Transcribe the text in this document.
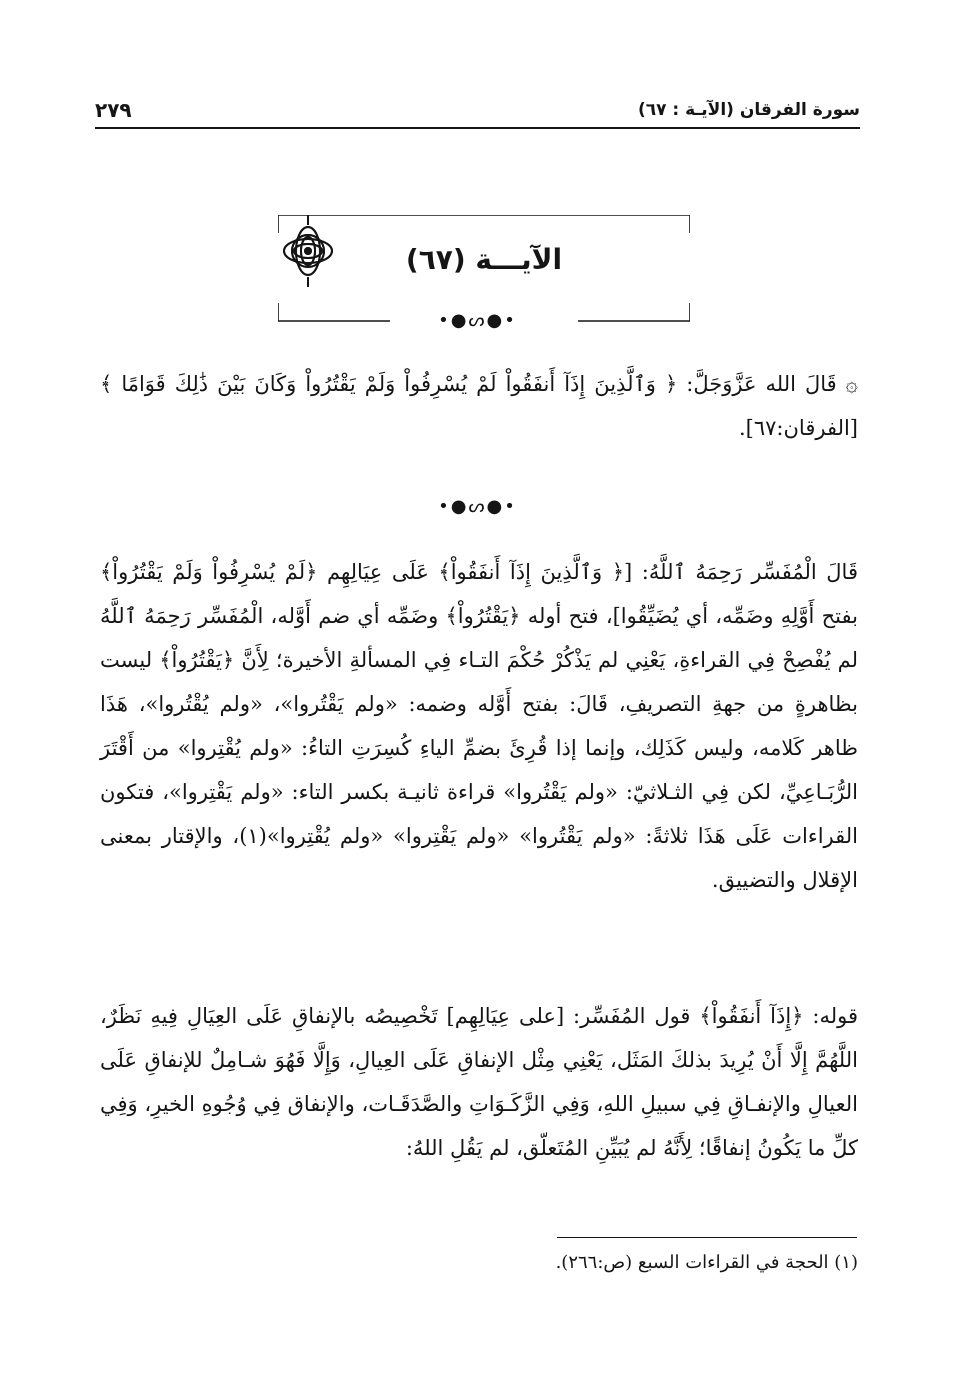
سورة الفرقان (الآيـة : ٦٧)
٢٧٩
الآيـــة (٦٧)
•●ᔕ●•
۞ قَالَ الله عَزَّوَجَلَّ: ﴿ وَٱلَّذِينَ إِذَآ أَنفَقُواْ لَمْ يُسْرِفُواْ وَلَمْ يَقْتُرُواْ وَكَانَ بَيْنَ ذَٰلِكَ قَوَامًا ﴾ [الفرقان:٦٧].
•●ᔕ●•
قَالَ الْمُفَسِّر رَحِمَهُ ٱللَّهُ: [﴿ وَٱلَّذِينَ إِذَآ أَنفَقُواْ﴾ عَلَى عِيَالِهِم ﴿لَمْ يُسْرِفُواْ وَلَمْ يَقْتُرُواْ﴾ بفتح أَوَّلِهِ وضَمِّه، أي يُضَيِّقُوا]، فتح أوله ﴿يَقْتُرُواْ﴾ وضَمِّه أي ضم أَوَّله، الْمُفَسِّر رَحِمَهُ ٱللَّهُ لم يُفْصِحْ فِي القراءةِ، يَعْنِي لم يَذْكُرْ حُكْمَ التـاء فِي المسألةِ الأخيرة؛ لِأَنَّ ﴿يَقْتُرُواْ﴾ ليست بظاهرةٍ من جهةِ التصريفِ، قَالَ: بفتح أَوَّله وضمه: «ولم يَقْتُروا»، «ولم يُقْتُروا»، هَذَا ظاهر كَلامه، وليس كَذَلِك، وإنما إذا قُرِئَ بضمِّ الياءِ كُسِرَتِ التاءُ: «ولم يُقْتِروا» من أَقْتَرَ الرُّبَـاعِيِّ، لكن فِي الثـلاثيّ: «ولم يَقْتُروا» قراءة ثانيـة بكسر التاء: «ولم يَقْتِروا»، فتكون القراءات عَلَى هَذَا ثلاثةً: «ولم يَقْتُروا» «ولم يَقْتِروا» «ولم يُقْتِروا»(١)، والإقتار بمعنى الإقلال والتضييق.
قوله: ﴿إِذَآ أَنفَقُواْ﴾ قول المُفَسِّر: [على عِيَالِهِم] تَخْصِيصُه بالإنفاقِ عَلَى العِيَالِ فِيهِ نَظَرٌ، اللَّهُمَّ إِلَّا أَنْ يُرِيدَ بذلكَ المَثَل، يَعْنِي مِثْل الإنفاقِ عَلَى العِيالِ، وَإِلَّا فَهُوَ شـامِلٌ للإنفاقِ عَلَى العيالِ والإنفـاقِ فِي سبيلِ اللهِ، وَفِي الزَّكَـوَاتِ والصَّدَقَـات، والإنفاق فِي وُجُوهِ الخيرِ، وَفِي كلِّ ما يَكُونُ إنفاقًا؛ لِأَنَّهُ لم يُبَيِّنِ المُتَعلّق، لم يَقُلِ اللهُ:
(١) الحجة في القراءات السبع (ص:٢٦٦).
